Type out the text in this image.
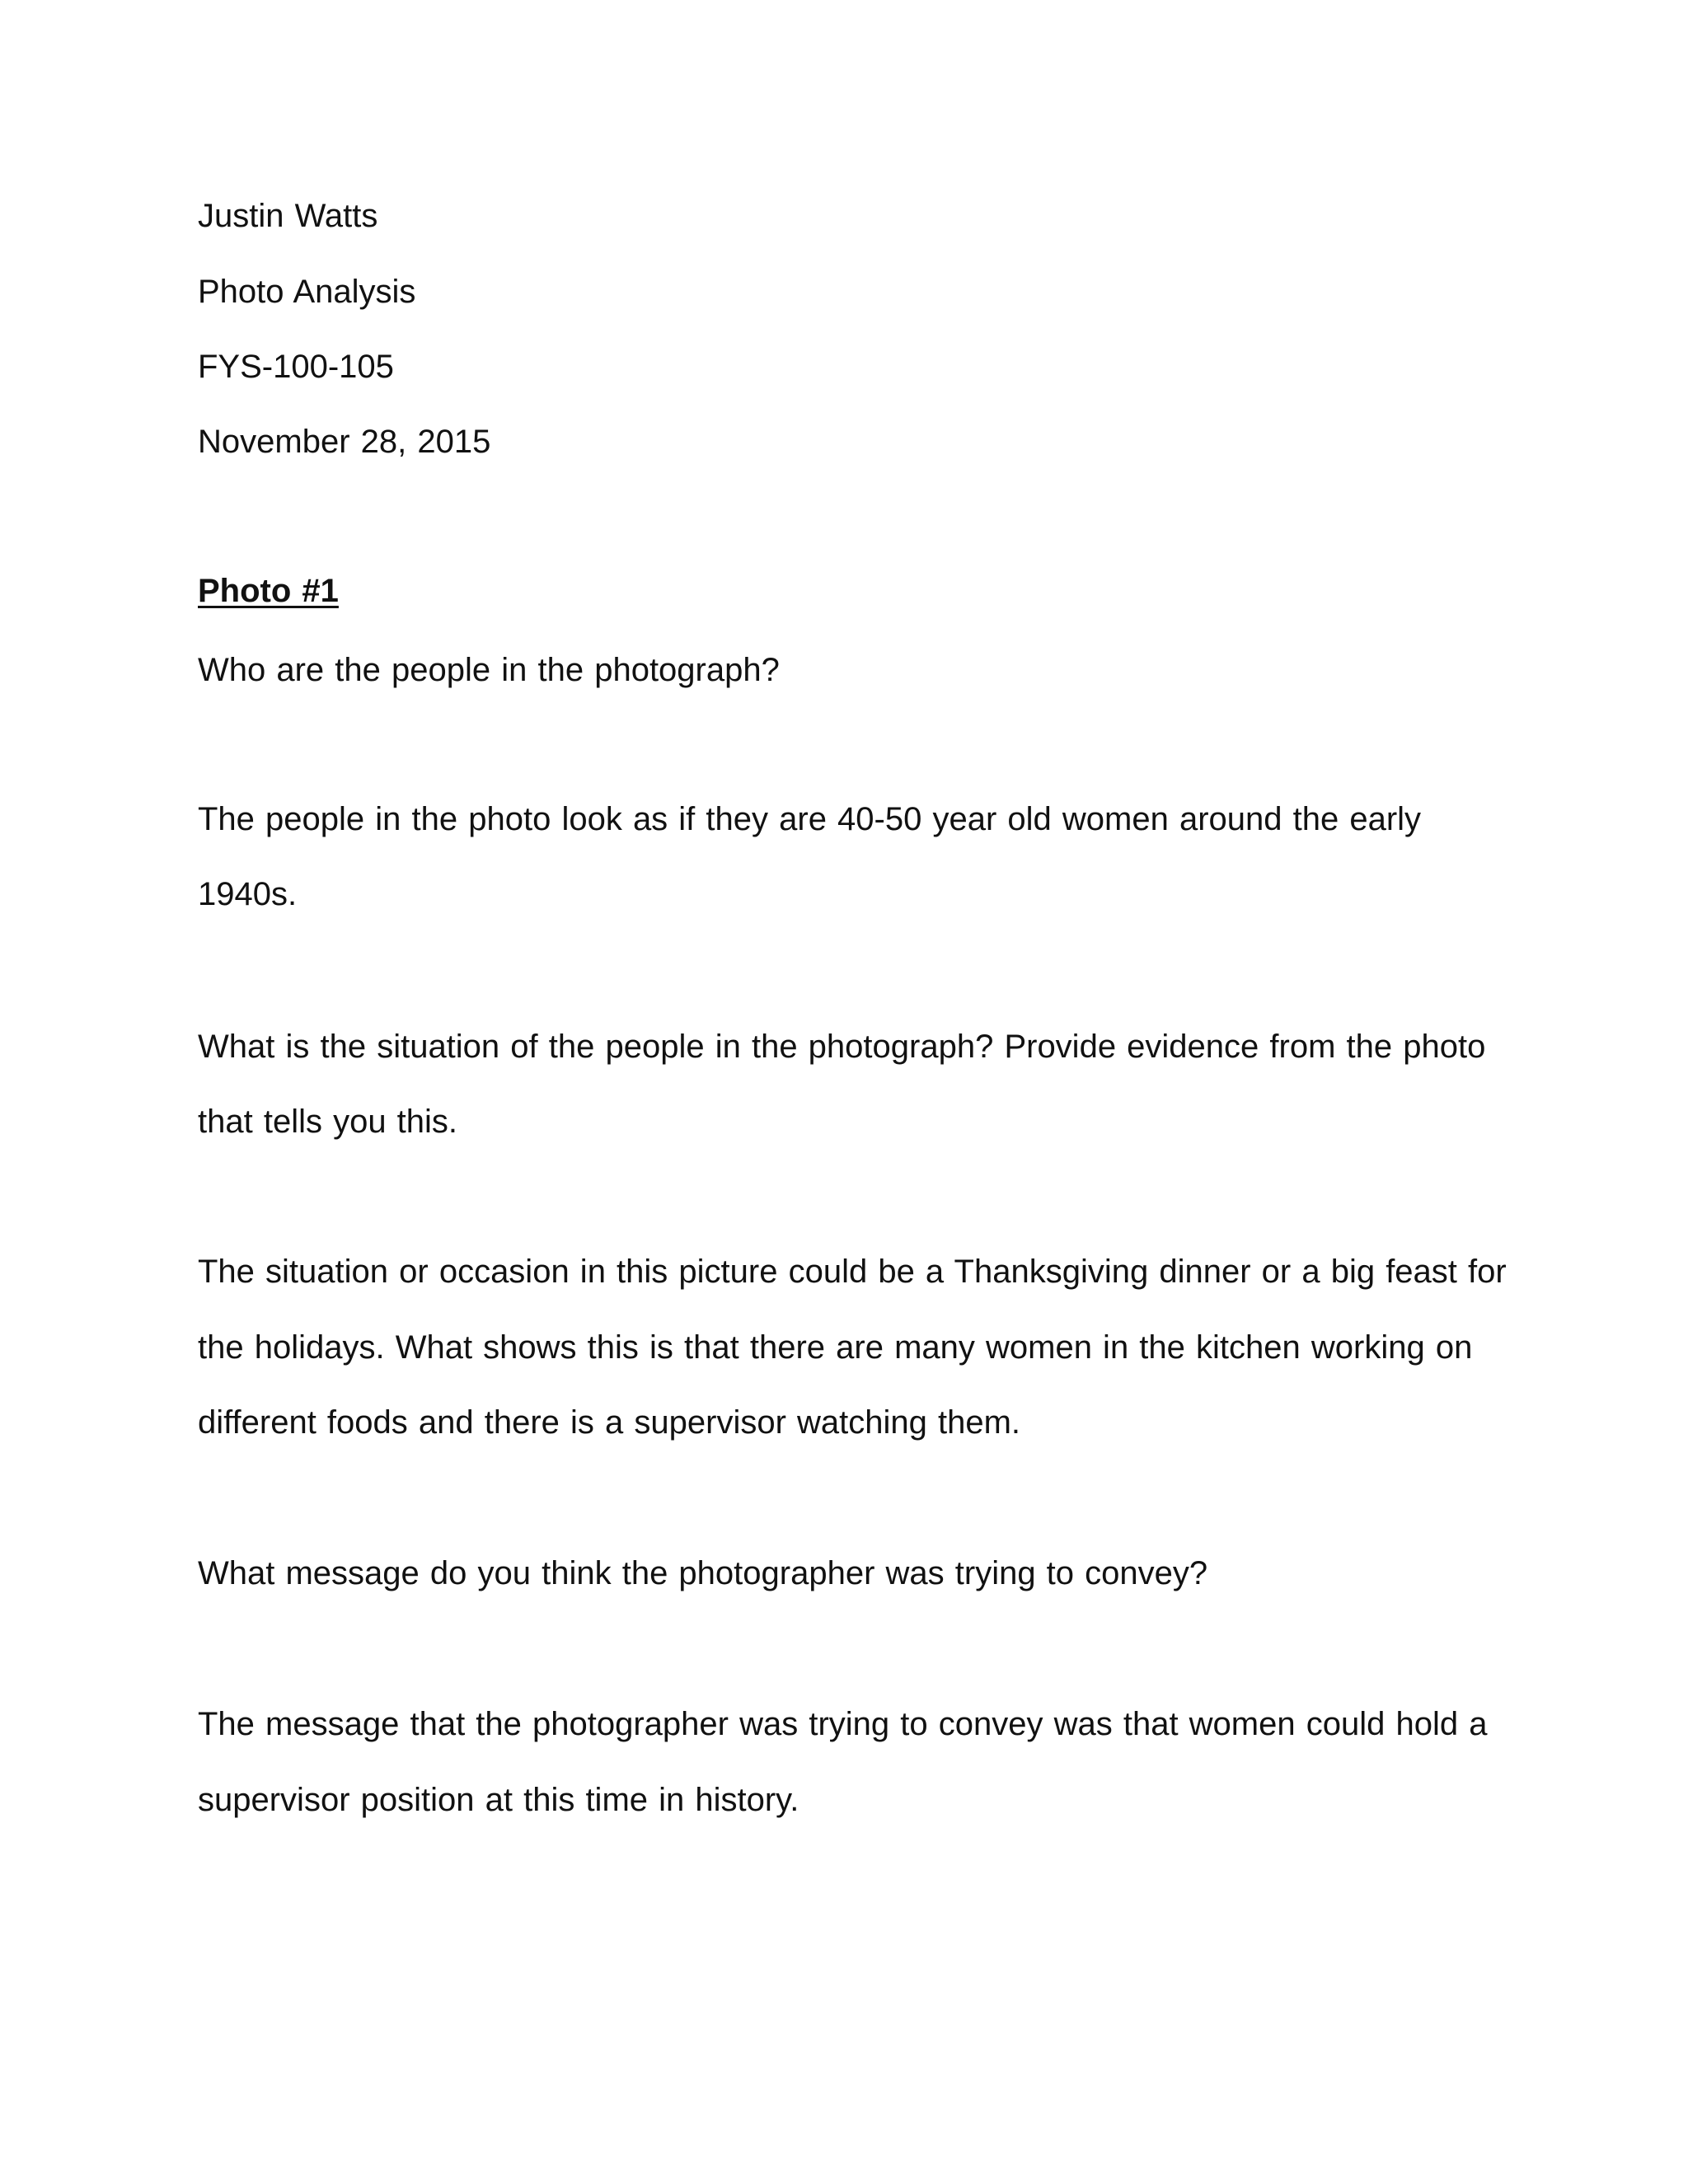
Justin Watts
Photo Analysis
FYS-100-105
November 28, 2015
Photo #1
Who are the people in the photograph?
The people in the photo look as if they are 40-50 year old women around the early
1940s.
What is the situation of the people in the photograph? Provide evidence from the photo
that tells you this.
The situation or occasion in this picture could be a Thanksgiving dinner or a big feast for
the holidays. What shows this is that there are many women in the kitchen working on
different foods and there is a supervisor watching them.
What message do you think the photographer was trying to convey?
The message that the photographer was trying to convey was that women could hold a
supervisor position at this time in history.
